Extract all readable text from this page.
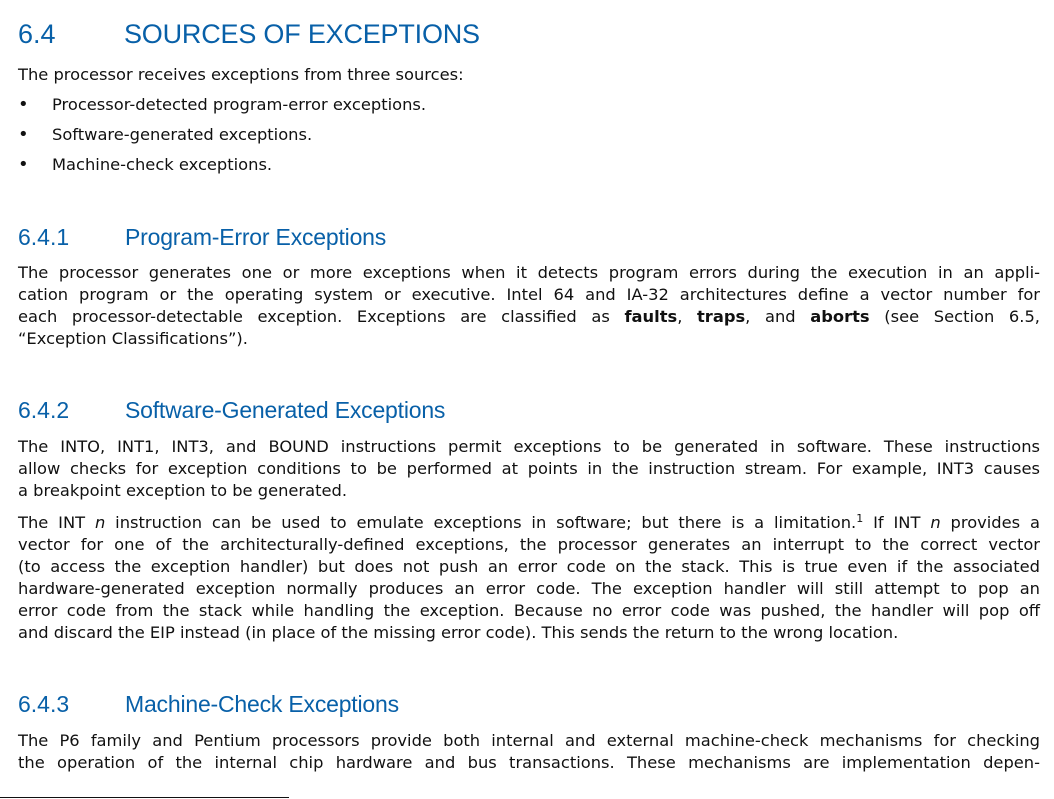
6.4	SOURCES OF EXCEPTIONS
The processor receives exceptions from three sources:
• Processor-detected program-error exceptions.
• Software-generated exceptions.
• Machine-check exceptions.
6.4.1 Program-Error Exceptions
The processor generates one or more exceptions when it detects program errors during the execution in an appli-
cation program or the operating system or executive. Intel 64 and IA-32 architectures define a vector number for
each processor-detectable exception. Exceptions are classified as faults, traps, and aborts (see Section 6.5,
“Exception Classifications”).
6.4.2 Software-Generated Exceptions
The INTO, INT1, INT3, and BOUND instructions permit exceptions to be generated in software. These instructions
allow checks for exception conditions to be performed at points in the instruction stream. For example, INT3 causes
a breakpoint exception to be generated.
The INT n instruction can be used to emulate exceptions in software; but there is a limitation.$^1$ If INT n provides a
vector for one of the architecturally-defined exceptions, the processor generates an interrupt to the correct vector
(to access the exception handler) but does not push an error code on the stack. This is true even if the associated
hardware-generated exception normally produces an error code. The exception handler will still attempt to pop an
error code from the stack while handling the exception. Because no error code was pushed, the handler will pop off
and discard the EIP instead (in place of the missing error code). This sends the return to the wrong location.
6.4.3 Machine-Check Exceptions
The P6 family and Pentium processors provide both internal and external machine-check mechanisms for checking
the operation of the internal chip hardware and bus transactions. These mechanisms are implementation depen-
